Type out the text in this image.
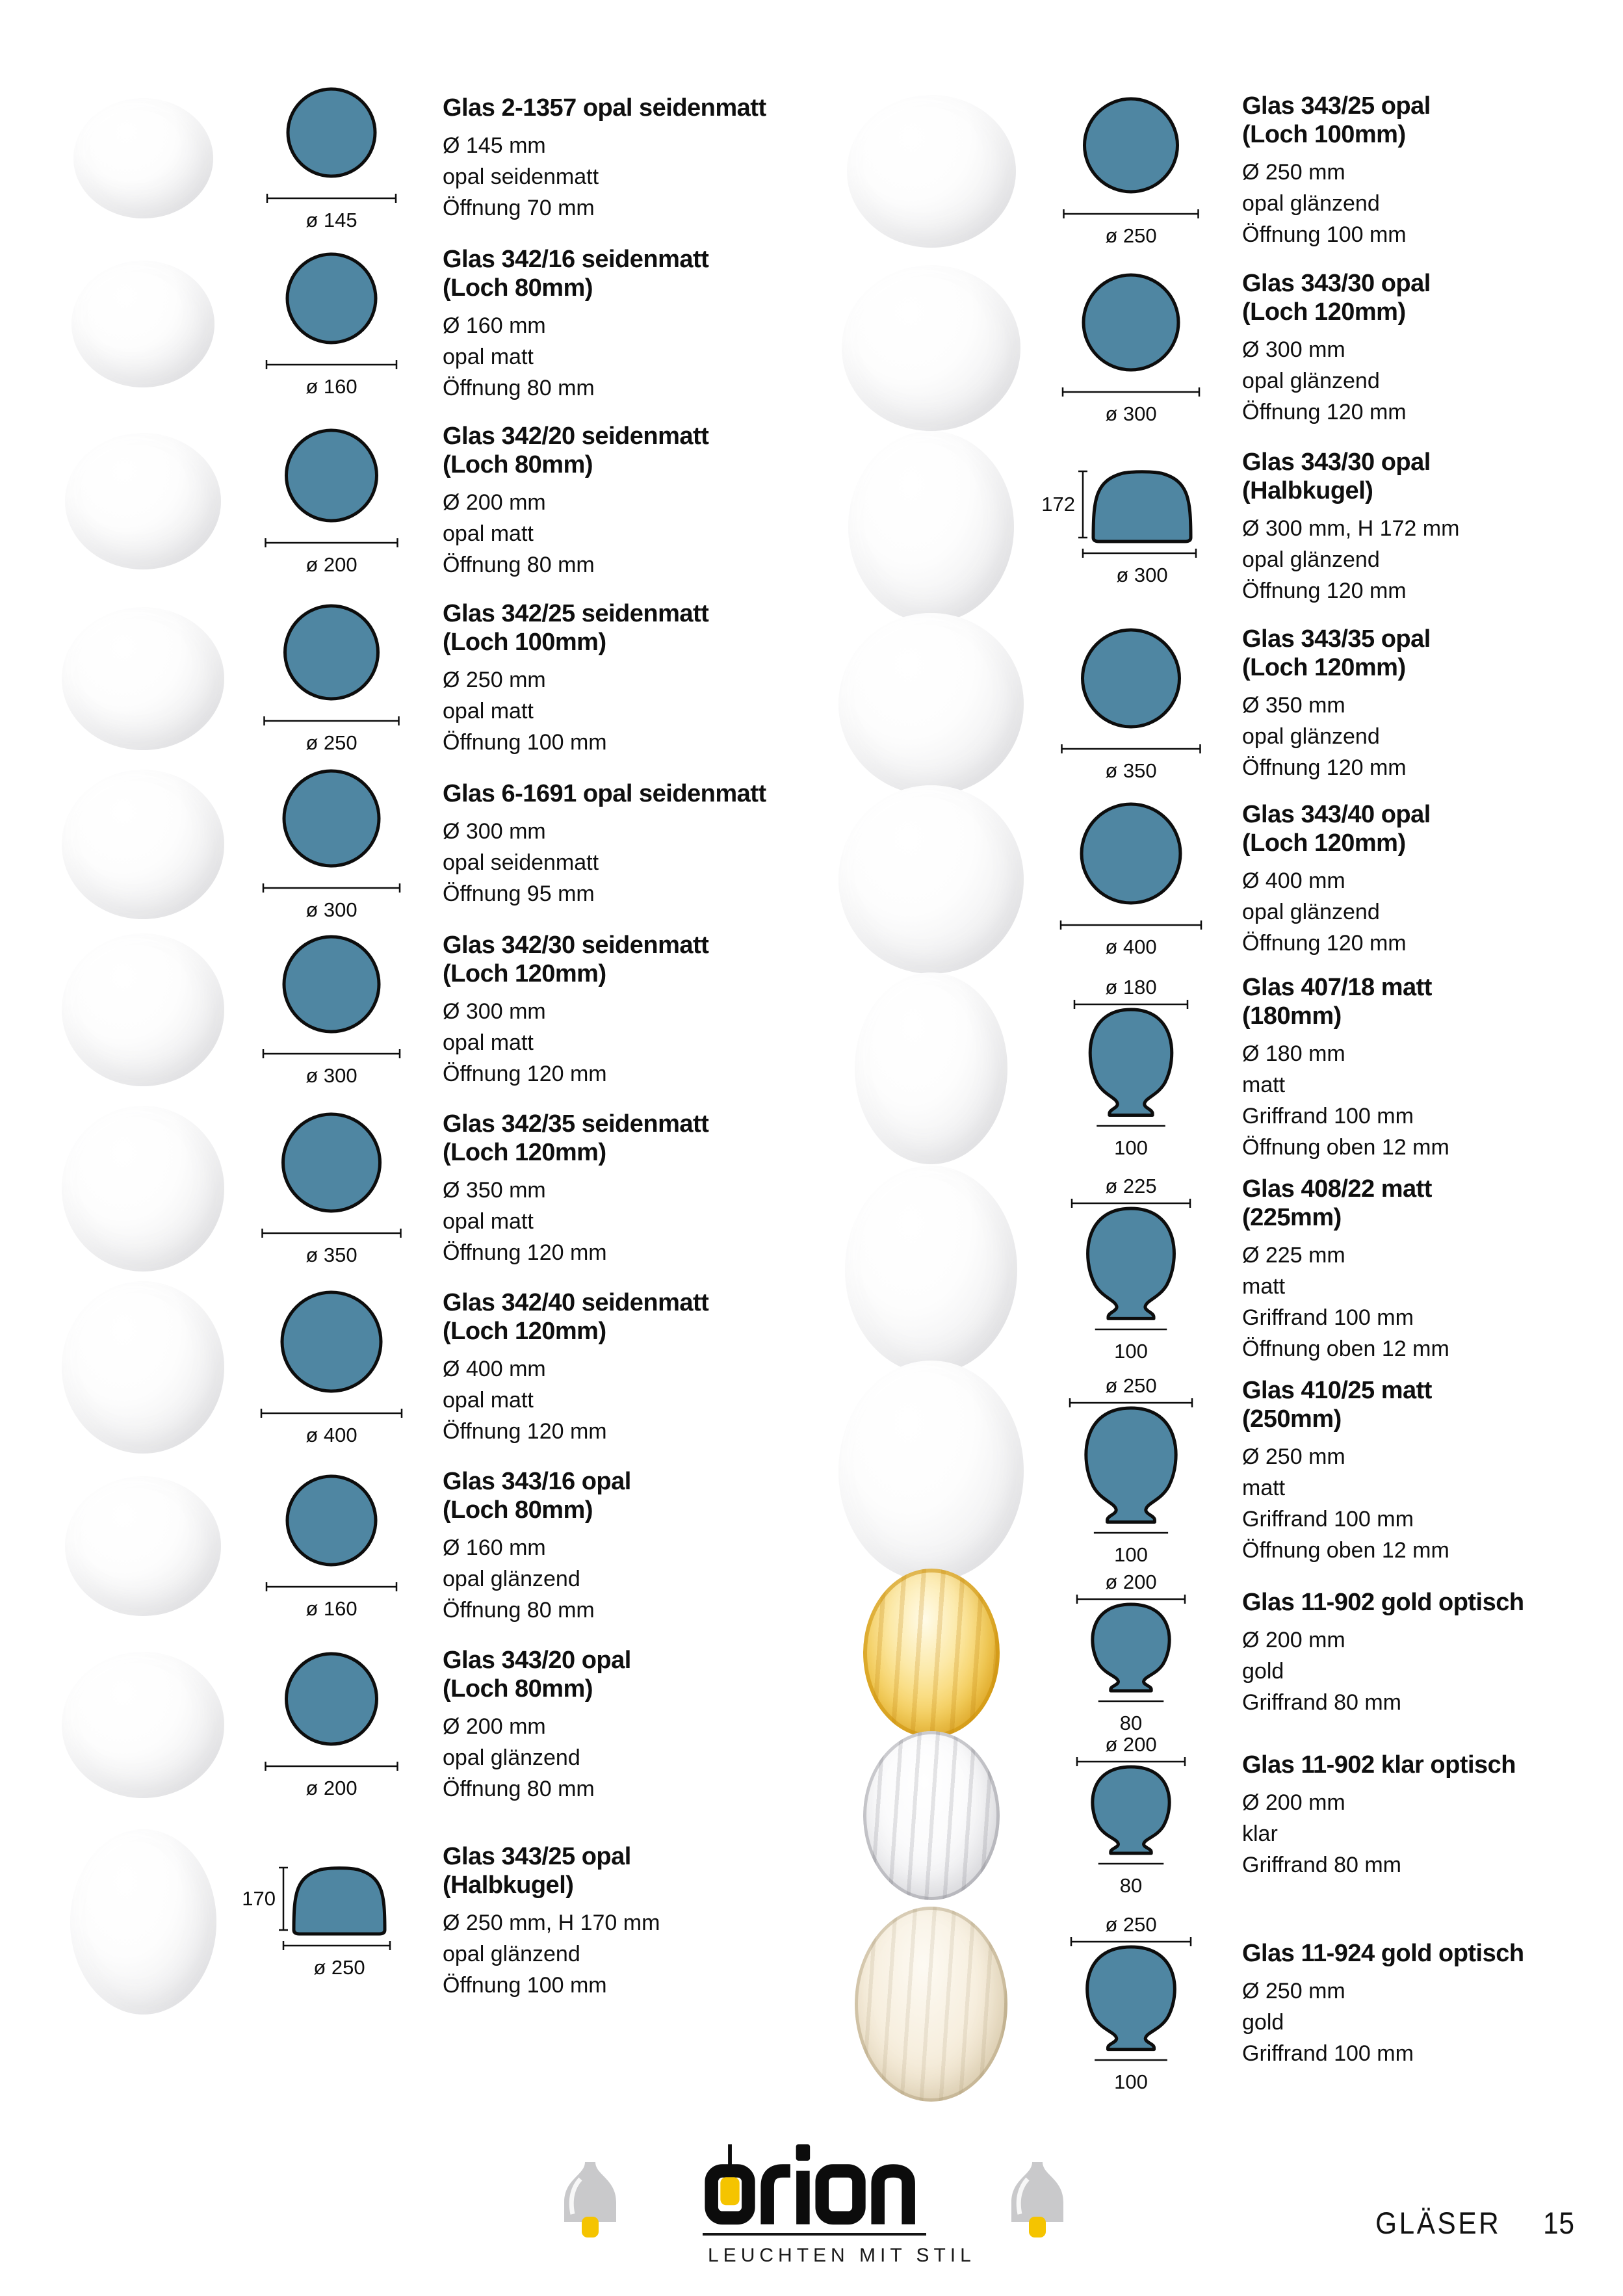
ø 145
Glas 2-1357 opal seidenmatt

Ø 145 mm

opal seidenmatt

Öffnung 70 mm

ø 160
Glas 342/16 seidenmatt
(Loch 80mm)

Ø 160 mm

opal matt

Öffnung 80 mm

ø 200
Glas 342/20 seidenmatt
(Loch 80mm)

Ø 200 mm

opal matt

Öffnung 80 mm

ø 250
Glas 342/25 seidenmatt
(Loch 100mm)

Ø 250 mm

opal matt

Öffnung 100 mm

ø 300
Glas 6-1691 opal seidenmatt

Ø 300 mm

opal seidenmatt

Öffnung 95 mm

ø 300
Glas 342/30 seidenmatt
(Loch 120mm)

Ø 300 mm

opal matt

Öffnung 120 mm

ø 350
Glas 342/35 seidenmatt
(Loch 120mm)

Ø 350 mm

opal matt

Öffnung 120 mm

ø 400
Glas 342/40 seidenmatt
(Loch 120mm)

Ø 400 mm

opal matt

Öffnung 120 mm

ø 160
Glas 343/16 opal
(Loch 80mm)

Ø 160 mm

opal glänzend

Öffnung 80 mm

ø 200
Glas 343/20 opal
(Loch 80mm)

Ø 200 mm

opal glänzend

Öffnung 80 mm

170
ø 250
Glas 343/25 opal
(Halbkugel)

Ø 250 mm, H 170 mm

opal glänzend

Öffnung 100 mm

ø 250
Glas 343/25 opal
(Loch 100mm)

Ø 250 mm

opal glänzend

Öffnung 100 mm

ø 300
Glas 343/30 opal
(Loch 120mm)

Ø 300 mm

opal glänzend

Öffnung 120 mm

172
ø 300
Glas 343/30 opal
(Halbkugel)

Ø 300 mm, H 172 mm

opal glänzend

Öffnung 120 mm

ø 350
Glas 343/35 opal
(Loch 120mm)

Ø 350 mm

opal glänzend

Öffnung 120 mm

ø 400
Glas 343/40 opal
(Loch 120mm)

Ø 400 mm

opal glänzend

Öffnung 120 mm

ø 180
100
Glas 407/18 matt
(180mm)

Ø 180 mm

matt

Griffrand 100 mm

Öffnung oben 12 mm

ø 225
100
Glas 408/22 matt
(225mm)

Ø 225 mm

matt

Griffrand 100 mm

Öffnung oben 12 mm

ø 250
100
Glas 410/25 matt
(250mm)

Ø 250 mm

matt

Griffrand 100 mm

Öffnung oben 12 mm

ø 200
80
Glas 11-902 gold optisch

Ø 200 mm

gold

Griffrand 80 mm

ø 200
80
Glas 11-902 klar optisch

Ø 200 mm

klar

Griffrand 80 mm

ø 250
100
Glas 11-924 gold optisch

Ø 250 mm

gold

Griffrand 100 mm

LEUCHTEN MIT STIL
GLÄSER 15
